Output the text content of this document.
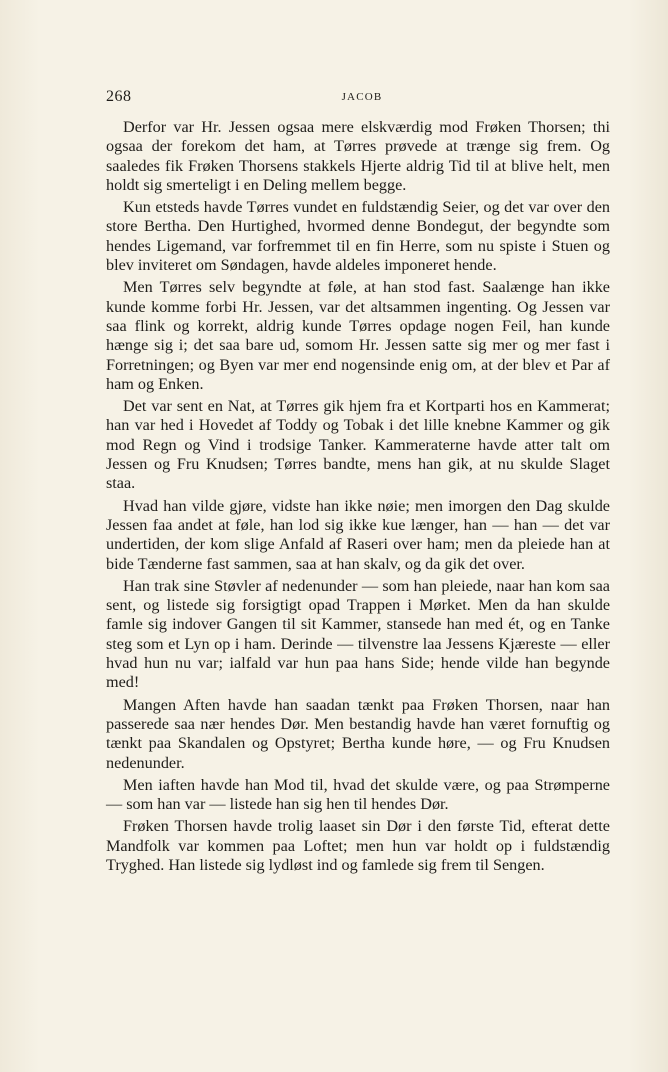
268	JACOB

Derfor var Hr. Jessen ogsaa mere elskværdig mod Frøken Thorsen; thi ogsaa der forekom det ham, at Tørres prøvede at trænge sig frem. Og saaledes fik Frøken Thorsens stakkels Hjerte aldrig Tid til at blive helt, men holdt sig smerteligt i en Deling mellem begge.

Kun etsteds havde Tørres vundet en fuldstændig Seier, og det var over den store Bertha. Den Hurtighed, hvormed denne Bondegut, der begyndte som hendes Ligemand, var forfremmet til en fin Herre, som nu spiste i Stuen og blev inviteret om Søndagen, havde aldeles imponeret hende.

Men Tørres selv begyndte at føle, at han stod fast. Saalænge han ikke kunde komme forbi Hr. Jessen, var det altsammen ingenting. Og Jessen var saa flink og korrekt, aldrig kunde Tørres opdage nogen Feil, han kunde hænge sig i; det saa bare ud, somom Hr. Jessen satte sig mer og mer fast i Forretningen; og Byen var mer end nogensinde enig om, at der blev et Par af ham og Enken.

Det var sent en Nat, at Tørres gik hjem fra et Kortparti hos en Kammerat; han var hed i Hovedet af Toddy og Tobak i det lille knebne Kammer og gik mod Regn og Vind i trodsige Tanker. Kammeraterne havde atter talt om Jessen og Fru Knudsen; Tørres bandte, mens han gik, at nu skulde Slaget staa.

Hvad han vilde gjøre, vidste han ikke nøie; men imorgen den Dag skulde Jessen faa andet at føle, han lod sig ikke kue længer, han — han — det var undertiden, der kom slige Anfald af Raseri over ham; men da pleiede han at bide Tænderne fast sammen, saa at han skalv, og da gik det over.

Han trak sine Støvler af nedenunder — som han pleiede, naar han kom saa sent, og listede sig forsigtigt opad Trappen i Mørket. Men da han skulde famle sig indover Gangen til sit Kammer, stansede han med ét, og en Tanke steg som et Lyn op i ham. Derinde — tilvenstre laa Jessens Kjæreste — eller hvad hun nu var; ialfald var hun paa hans Side; hende vilde han begynde med!

Mangen Aften havde han saadan tænkt paa Frøken Thorsen, naar han passerede saa nær hendes Dør. Men bestandig havde han været fornuftig og tænkt paa Skandalen og Opstyret; Bertha kunde høre, — og Fru Knudsen nedenunder.

Men iaften havde han Mod til, hvad det skulde være, og paa Strømperne — som han var — listede han sig hen til hendes Dør.

Frøken Thorsen havde trolig laaset sin Dør i den første Tid, efterat dette Mandfolk var kommen paa Loftet; men hun var holdt op i fuldstændig Tryghed. Han listede sig lydløst ind og famlede sig frem til Sengen.
